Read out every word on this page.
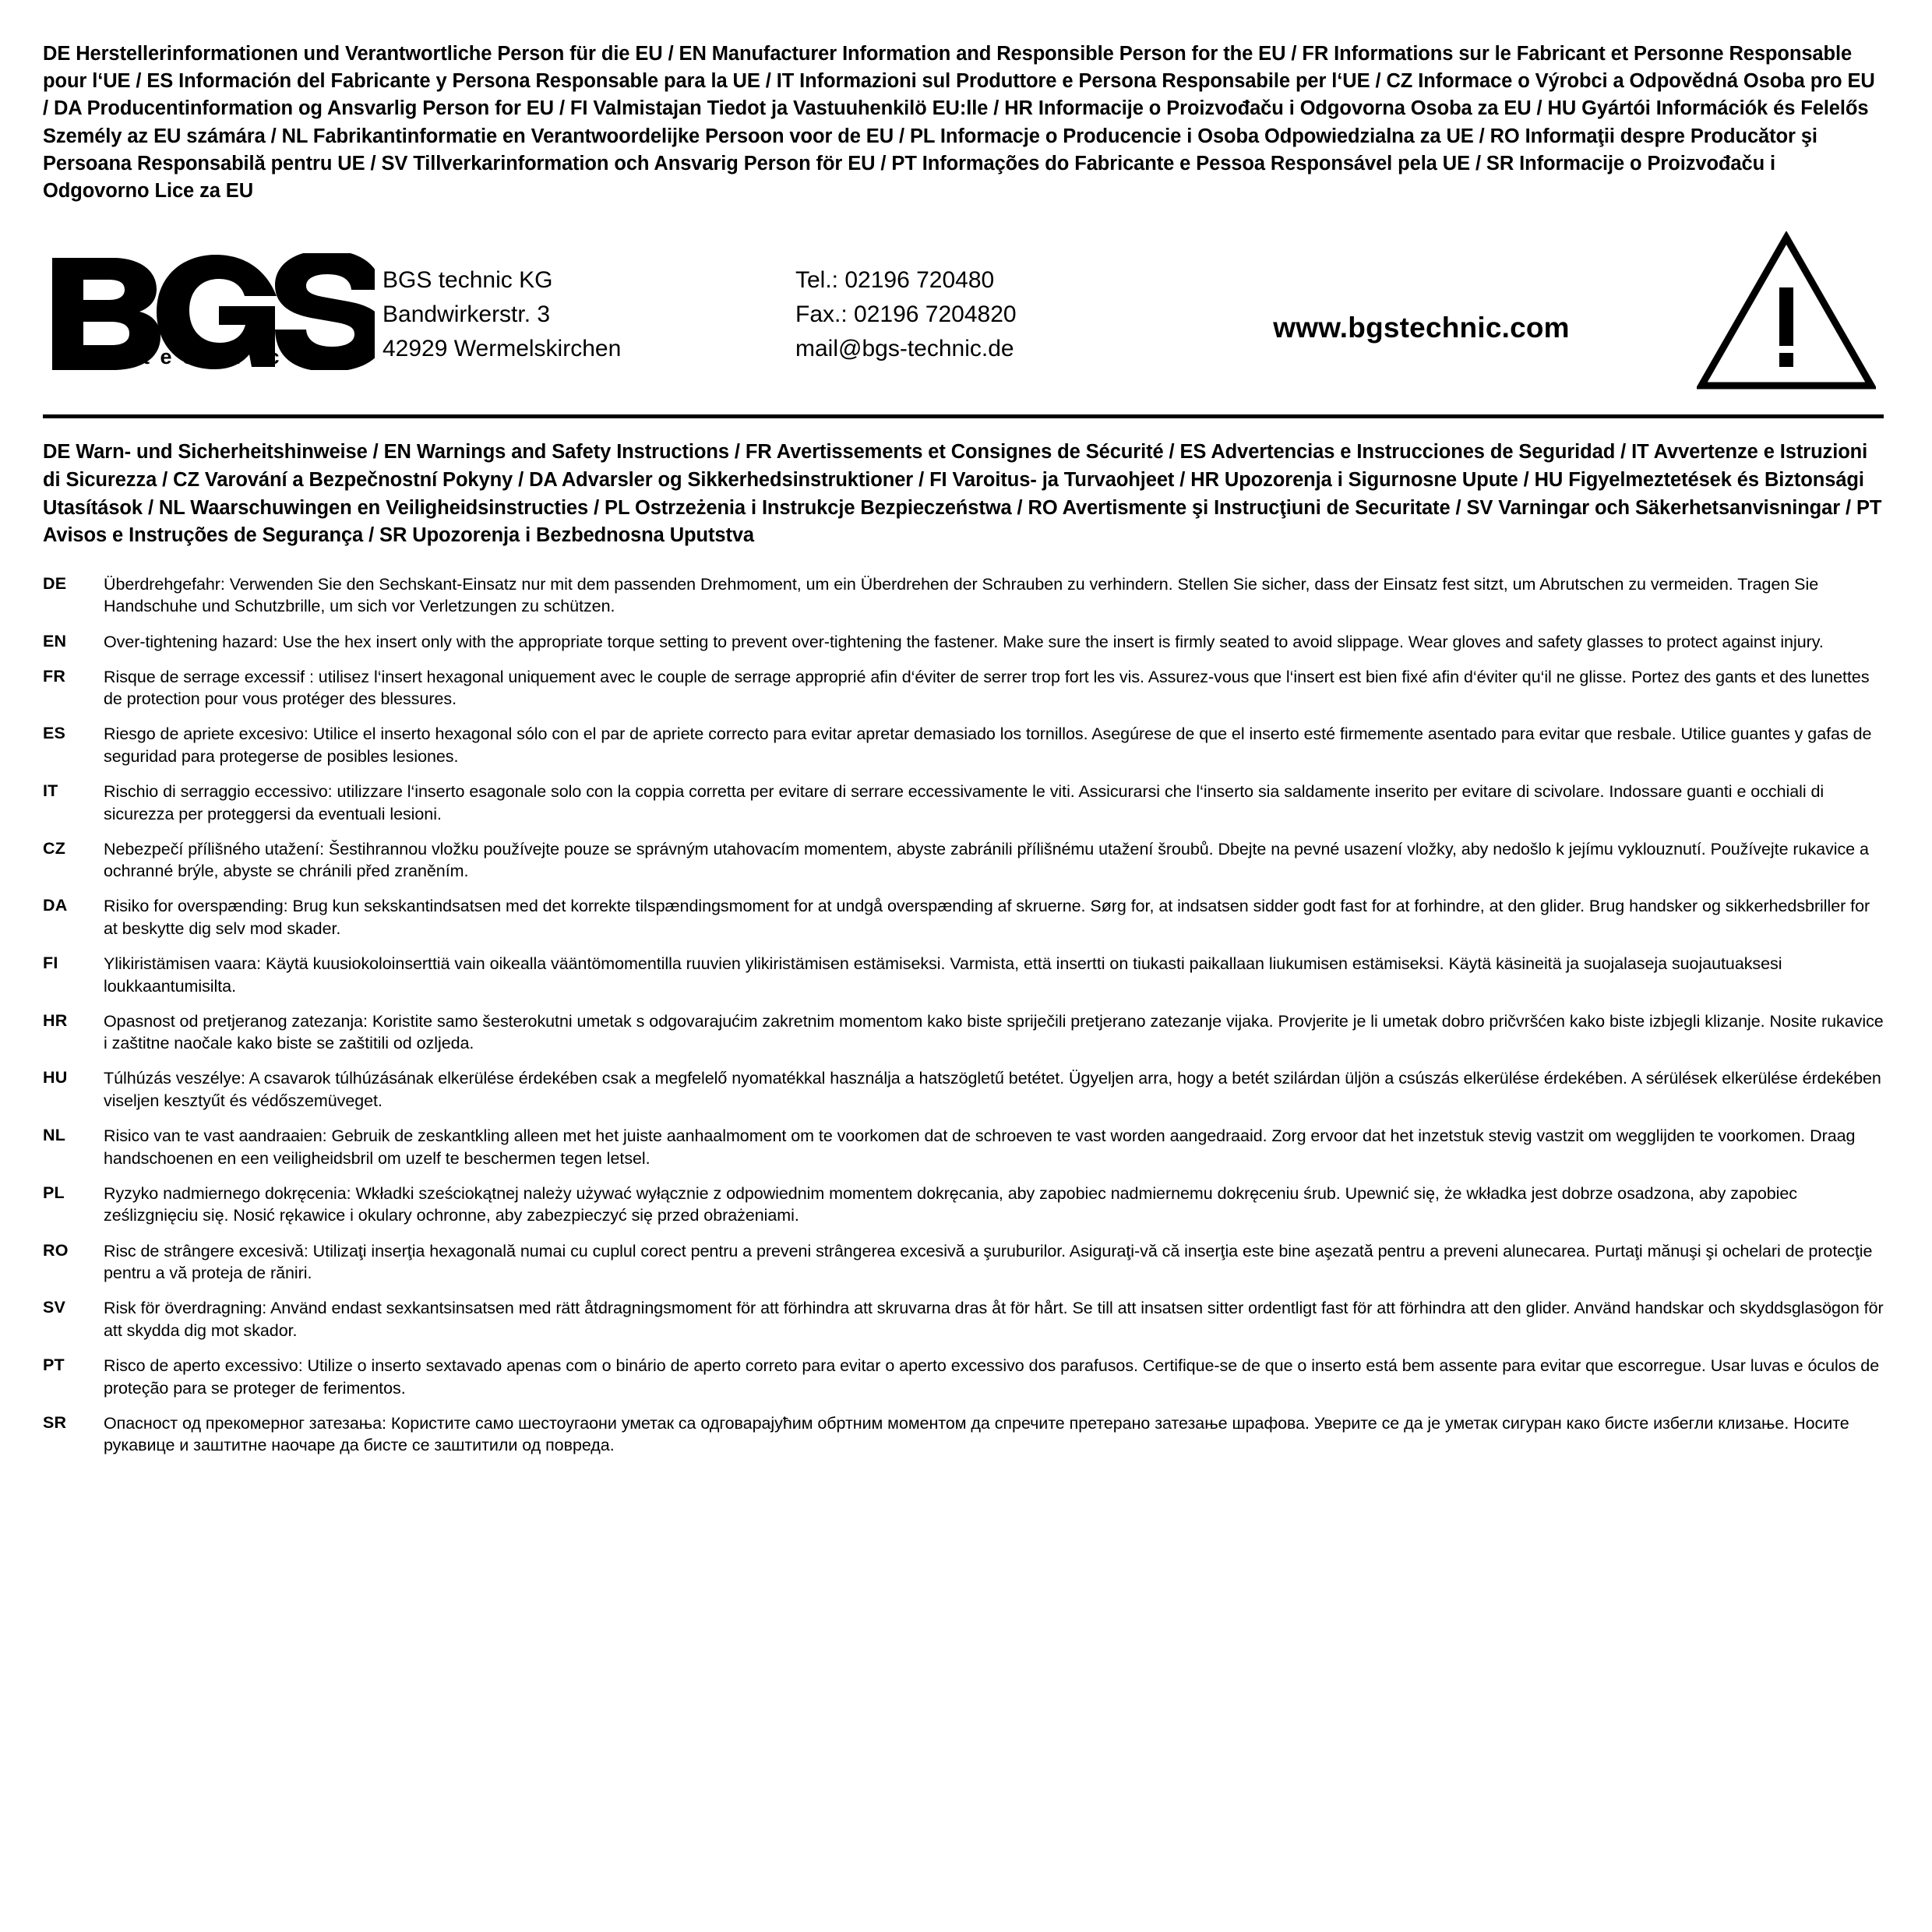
DE Herstellerinformationen und Verantwortliche Person für die EU / EN Manufacturer Information and Responsible Person for the EU / FR Informations sur le Fabricant et Personne Responsable pour l‘UE / ES Información del Fabricante y Persona Responsable para la UE / IT Informazioni sul Produttore e Persona Responsabile per l‘UE / CZ Informace o Výrobci a Odpovědná Osoba pro EU / DA Producentinformation og Ansvarlig Person for EU / FI Valmistajan Tiedot ja Vastuuhenkilö EU:lle / HR Informacije o Proizvođaču i Odgovorna Osoba za EU / HU Gyártói Információk és Felelős Személy az EU számára / NL Fabrikantinformatie en Verantwoordelijke Persoon voor de EU / PL Informacje o Producencie i Osoba Odpowiedzialna za UE / RO Informaţii despre Producător şi Persoana Responsabilă pentru UE / SV Tillverkarinformation och Ansvarig Person för EU / PT Informações do Fabricante e Pessoa Responsável pela UE / SR Informacije o Proizvođaču i Odgovorno Lice za EU
®
t e c h n i c
BGS technic KG
Bandwirkerstr. 3
42929 Wermelskirchen
Tel.: 02196 720480
Fax.: 02196 7204820
mail@bgs-technic.de
www.bgstechnic.com
DE Warn- und Sicherheitshinweise / EN Warnings and Safety Instructions / FR Avertissements et Consignes de Sécurité / ES Advertencias e Instrucciones de Seguridad / IT Avvertenze e Istruzioni di Sicurezza / CZ Varování a Bezpečnostní Pokyny / DA Advarsler og Sikkerhedsinstruktioner / FI Varoitus- ja Turvaohjeet / HR Upozorenja i Sigurnosne Upute / HU Figyelmeztetések és Biztonsági Utasítások / NL Waarschuwingen en Veiligheidsinstructies / PL Ostrzeżenia i Instrukcje Bezpieczeństwa / RO Avertismente şi Instrucţiuni de Securitate / SV Varningar och Säkerhetsanvisningar / PT Avisos e Instruções de Segurança / SR Upozorenja i Bezbednosna Uputstva
DE	Überdrehgefahr: Verwenden Sie den Sechskant-Einsatz nur mit dem passenden Drehmoment, um ein Überdrehen der Schrauben zu verhindern. Stellen Sie sicher, dass der Einsatz fest sitzt, um Abrutschen zu vermeiden. Tragen Sie Handschuhe und Schutzbrille, um sich vor Verletzungen zu schützen.
EN	Over-tightening hazard: Use the hex insert only with the appropriate torque setting to prevent over-tightening the fastener. Make sure the insert is firmly seated to avoid slippage. Wear gloves and safety glasses to protect against injury.
FR	Risque de serrage excessif : utilisez l‘insert hexagonal uniquement avec le couple de serrage approprié afin d‘éviter de serrer trop fort les vis. Assurez-vous que l‘insert est bien fixé afin d‘éviter qu‘il ne glisse. Portez des gants et des lunettes de protection pour vous protéger des blessures.
ES	Riesgo de apriete excesivo: Utilice el inserto hexagonal sólo con el par de apriete correcto para evitar apretar demasiado los tornillos. Asegúrese de que el inserto esté firmemente asentado para evitar que resbale. Utilice guantes y gafas de seguridad para protegerse de posibles lesiones.
IT	Rischio di serraggio eccessivo: utilizzare l‘inserto esagonale solo con la coppia corretta per evitare di serrare eccessivamente le viti. Assicurarsi che l‘inserto sia saldamente inserito per evitare di scivolare. Indossare guanti e occhiali di sicurezza per proteggersi da eventuali lesioni.
CZ	Nebezpečí přílišného utažení: Šestihrannou vložku používejte pouze se správným utahovacím momentem, abyste zabránili přílišnému utažení šroubů. Dbejte na pevné usazení vložky, aby nedošlo k jejímu vyklouznutí. Používejte rukavice a ochranné brýle, abyste se chránili před zraněním.
DA	Risiko for overspænding: Brug kun sekskantindsatsen med det korrekte tilspændingsmoment for at undgå overspænding af skruerne. Sørg for, at indsatsen sidder godt fast for at forhindre, at den glider. Brug handsker og sikkerhedsbriller for at beskytte dig selv mod skader.
FI	Ylikiristämisen vaara: Käytä kuusiokoloinserttiä vain oikealla vääntömomentilla ruuvien ylikiristämisen estämiseksi. Varmista, että insertti on tiukasti paikallaan liukumisen estämiseksi. Käytä käsineitä ja suojalaseja suojautuaksesi loukkaantumisilta.
HR	Opasnost od pretjeranog zatezanja: Koristite samo šesterokutni umetak s odgovarajućim zakretnim momentom kako biste spriječili pretjerano zatezanje vijaka. Provjerite je li umetak dobro pričvršćen kako biste izbjegli klizanje. Nosite rukavice i zaštitne naočale kako biste se zaštitili od ozljeda.
HU	Túlhúzás veszélye: A csavarok túlhúzásának elkerülése érdekében csak a megfelelő nyomatékkal használja a hatszögletű betétet. Ügyeljen arra, hogy a betét szilárdan üljön a csúszás elkerülése érdekében. A sérülések elkerülése érdekében viseljen kesztyűt és védőszemüveget.
NL	Risico van te vast aandraaien: Gebruik de zeskantkling alleen met het juiste aanhaalmoment om te voorkomen dat de schroeven te vast worden aangedraaid. Zorg ervoor dat het inzetstuk stevig vastzit om wegglijden te voorkomen. Draag handschoenen en een veiligheidsbril om uzelf te beschermen tegen letsel.
PL	Ryzyko nadmiernego dokręcenia: Wkładki sześciokątnej należy używać wyłącznie z odpowiednim momentem dokręcania, aby zapobiec nadmiernemu dokręceniu śrub. Upewnić się, że wkładka jest dobrze osadzona, aby zapobiec ześlizgnięciu się. Nosić rękawice i okulary ochronne, aby zabezpieczyć się przed obrażeniami.
RO	Risc de strângere excesivă: Utilizaţi inserţia hexagonală numai cu cuplul corect pentru a preveni strângerea excesivă a şuruburilor. Asiguraţi-vă că inserţia este bine aşezată pentru a preveni alunecarea. Purtaţi mănuşi şi ochelari de protecţie pentru a vă proteja de răniri.
SV	Risk för överdragning: Använd endast sexkantsinsatsen med rätt åtdragningsmoment för att förhindra att skruvarna dras åt för hårt. Se till att insatsen sitter ordentligt fast för att förhindra att den glider. Använd handskar och skyddsglasögon för att skydda dig mot skador.
PT	Risco de aperto excessivo: Utilize o inserto sextavado apenas com o binário de aperto correto para evitar o aperto excessivo dos parafusos. Certifique-se de que o inserto está bem assente para evitar que escorregue. Usar luvas e óculos de proteção para se proteger de ferimentos.
SR	Опасност од прекомерног затезања: Користите само шестоугаони уметак са одговарајућим обртним моментом да спречите претерано затезање шрафова. Уверите се да је уметак сигуран како бисте избегли клизање. Носите рукавице и заштитне наочаре да бисте се заштитили од повреда.
